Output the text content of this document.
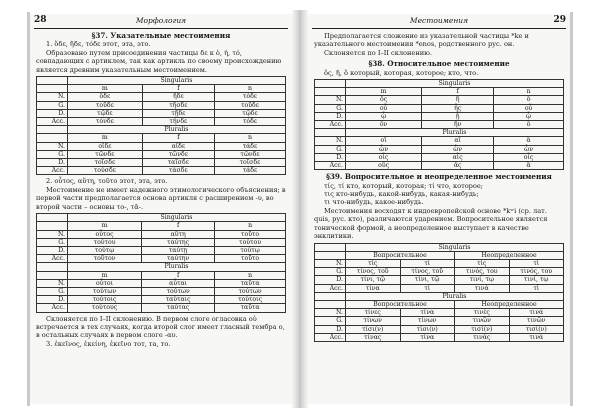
28	Морфология

§37. Указательные местоимения

1. ὅδε, ἥδε, τόδε этот, эта, это.

Образовано путем присоединения частицы δε к ὁ, ἡ, τό, совпадающих с артиклем, так как артикль по своему происхождению является древним указательным местоимением.

	Singularis		
	m	f	n
N.	ὅδε	ἥδε	τόδε
G.	τοῦδε	τῆσδε	τοῦδε
D.	τῷδε	τῇδε	τῷδε
Acc.	τόνδε	τήνδε	τόδε
	Pluralis		
	m	f	n
N.	οἵδε	αἵδε	τάδε
G.	τῶνδε	τῶνδε	τῶνδε
D.	τοῖσδε	ταῖσδε	τοῖσδε
Acc.	τούσδε	τάσδε	τάδε

2. οὗτος, αὕτη, τοῦτο этот, эта, это.

Местоимение не имеет надежного этимологического объяснения; в первой части предполагается основа артикля с расширением -υ, во второй части – основы το-, τᾱ-.

	Singularis		
	m	f	n
N.	οὗτος	αὕτη	τοῦτο
G.	τούτου	ταύτης	τούτου
D.	τούτῳ	ταύτῃ	τούτῳ
Acc.	τοῦτον	ταύτην	τοῦτο
	Pluralis		
	m	f	n
N.	οὗτοι	αὗται	ταῦτα
G.	τούτων	τούτων	τούτων
D.	τούτοις	ταύταις	τούτοις
Acc.	τούτους	ταύτας	ταῦτα

Склоняется по I–II склонению. В первом слоге огласовка οὐ встречается в тех случаях, когда второй слог имеет гласный тембра ο, в остальных случаях в первом слоге -αυ.

3. ἐκεῖνος, ἐκείνη, ἐκεῖνο тот, та, то.

Местоимения	29

Предполагается сложение из указательной частицы *ke и указательного местоимения *enos, родственного рус. он.

Склоняется по I–II склонению.

§38. Относительное местоимение

ὅς, ἥ, ὅ который, которая, которое; кто, что.

	Singularis		
	m	f	n
N.	ὅς	ἥ	ὅ
G.	οὗ	ἧς	οὗ
D.	ᾧ	ᾗ	ᾧ
Acc.	ὅν	ἥν	ὅ
	Pluralis		
N.	οἵ	αἵ	ἅ
G.	ὧν	ὧν	ὧν
D.	οἷς	αἷς	οἷς
Acc.	οὕς	ἅς	ἅ

§39. Вопросительное и неопределенное местоимения

τίς, τί кто, который, которая; τί что, которое;

τις кто-нибудь, какой-нибудь, какая-нибудь;

τι что-нибудь, какое-нибудь.

Местоимения восходят к индоевропейской основе *kʷi (ср. лат. quis, рус. кто), различаются ударением. Вопросительное является тонической формой, а неопределенное выступает в качестве энклитики.

	Singularis			
	Вопросительное		Неопределенное	
N.	τίς	τί	τὶς	τὶ
G.	τίνος, τοῦ	τίνος, τοῦ	τινός, του	τινός, του
D.	τίνι, τῷ	τίνι, τῷ	τινί, τῳ	τινί, τῳ
Acc.	τίνα	τί	τινά	τὶ
	Pluralis			
	Вопросительное		Неопределенное	
N.	τίνες	τίνα	τινές	τινά
G.	τίνων	τίνων	τινῶν	τινῶν
D.	τίσι(ν)	τίσι(ν)	τισί(ν)	τισί(ν)
Acc.	τίνας	τίνα	τινάς	τινά
